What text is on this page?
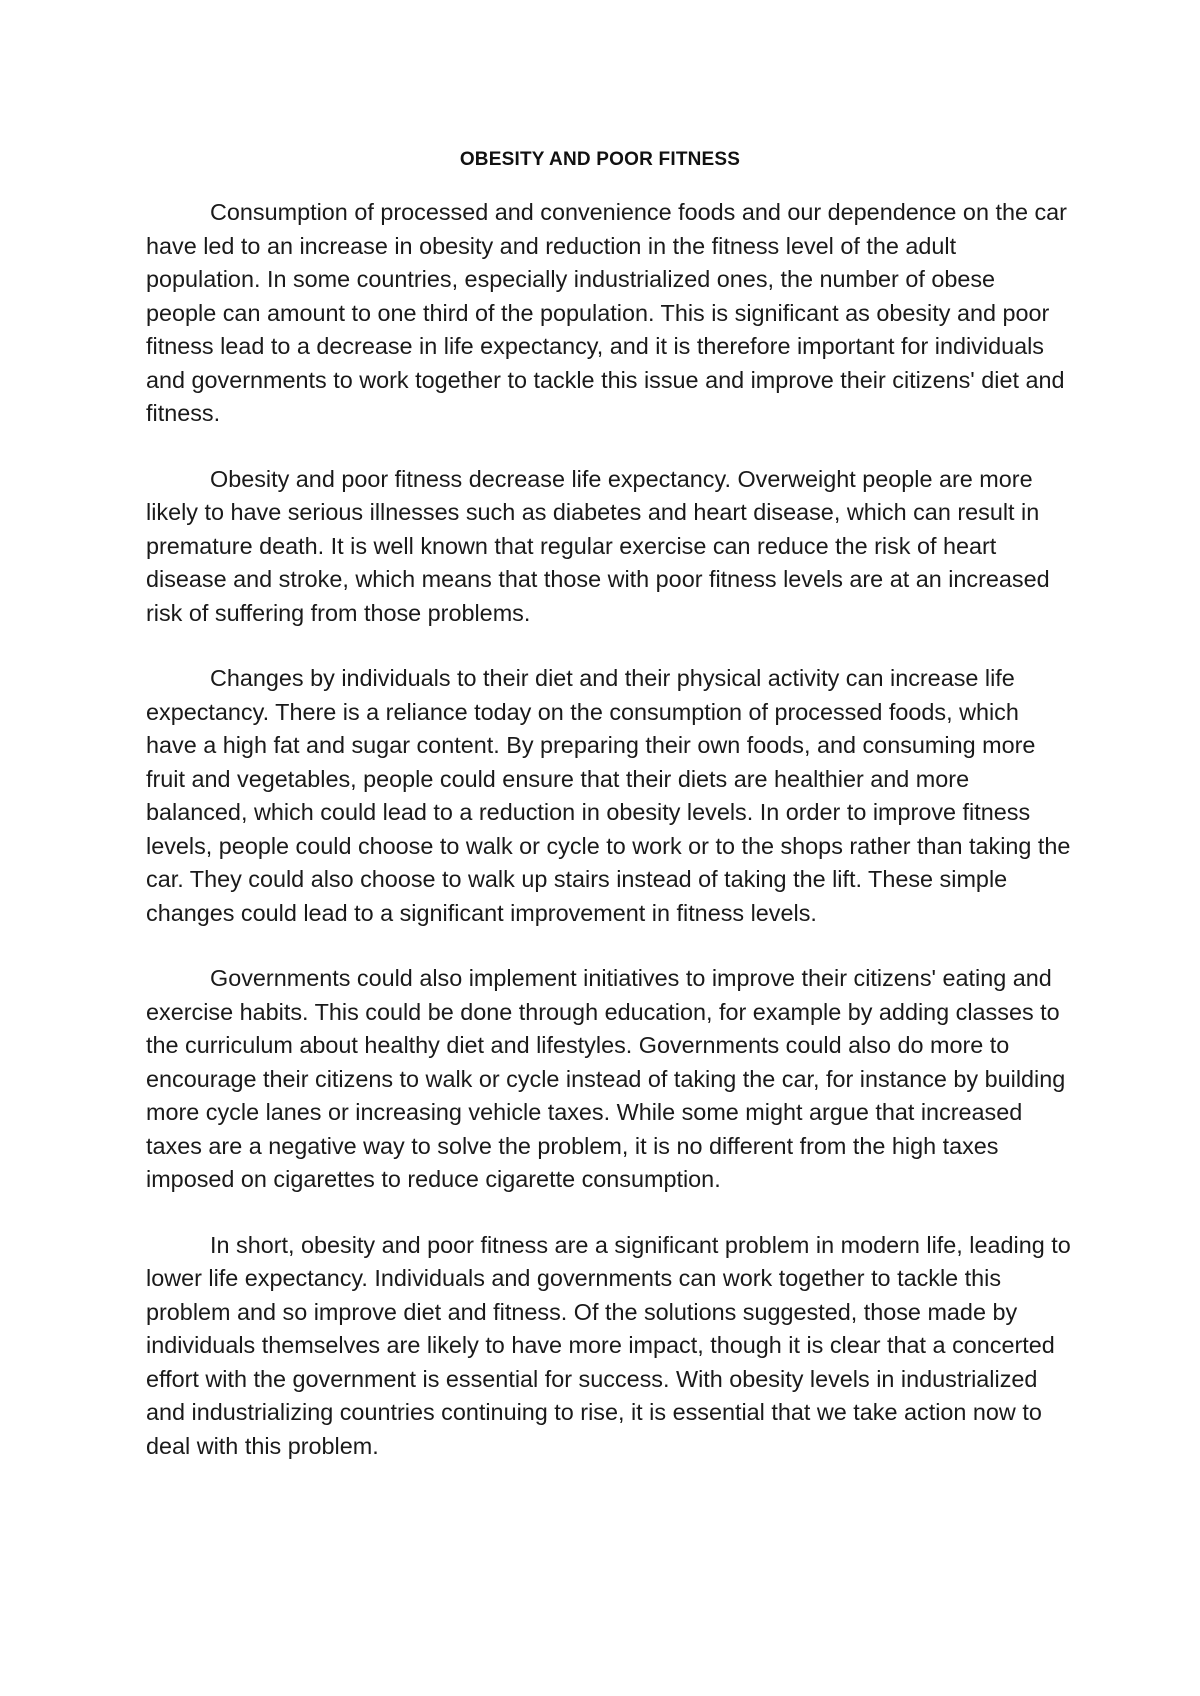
OBESITY AND POOR FITNESS

Consumption of processed and convenience foods and our dependence on the car have led to an increase in obesity and reduction in the fitness level of the adult population. In some countries, especially industrialized ones, the number of obese people can amount to one third of the population. This is significant as obesity and poor fitness lead to a decrease in life expectancy, and it is therefore important for individuals and governments to work together to tackle this issue and improve their citizens' diet and fitness.

Obesity and poor fitness decrease life expectancy. Overweight people are more likely to have serious illnesses such as diabetes and heart disease, which can result in premature death. It is well known that regular exercise can reduce the risk of heart disease and stroke, which means that those with poor fitness levels are at an increased risk of suffering from those problems.

Changes by individuals to their diet and their physical activity can increase life expectancy. There is a reliance today on the consumption of processed foods, which have a high fat and sugar content. By preparing their own foods, and consuming more fruit and vegetables, people could ensure that their diets are healthier and more balanced, which could lead to a reduction in obesity levels. In order to improve fitness levels, people could choose to walk or cycle to work or to the shops rather than taking the car. They could also choose to walk up stairs instead of taking the lift. These simple changes could lead to a significant improvement in fitness levels.

Governments could also implement initiatives to improve their citizens' eating and exercise habits. This could be done through education, for example by adding classes to the curriculum about healthy diet and lifestyles. Governments could also do more to encourage their citizens to walk or cycle instead of taking the car, for instance by building more cycle lanes or increasing vehicle taxes. While some might argue that increased taxes are a negative way to solve the problem, it is no different from the high taxes imposed on cigarettes to reduce cigarette consumption.

In short, obesity and poor fitness are a significant problem in modern life, leading to lower life expectancy. Individuals and governments can work together to tackle this problem and so improve diet and fitness. Of the solutions suggested, those made by individuals themselves are likely to have more impact, though it is clear that a concerted effort with the government is essential for success. With obesity levels in industrialized and industrializing countries continuing to rise, it is essential that we take action now to deal with this problem.
